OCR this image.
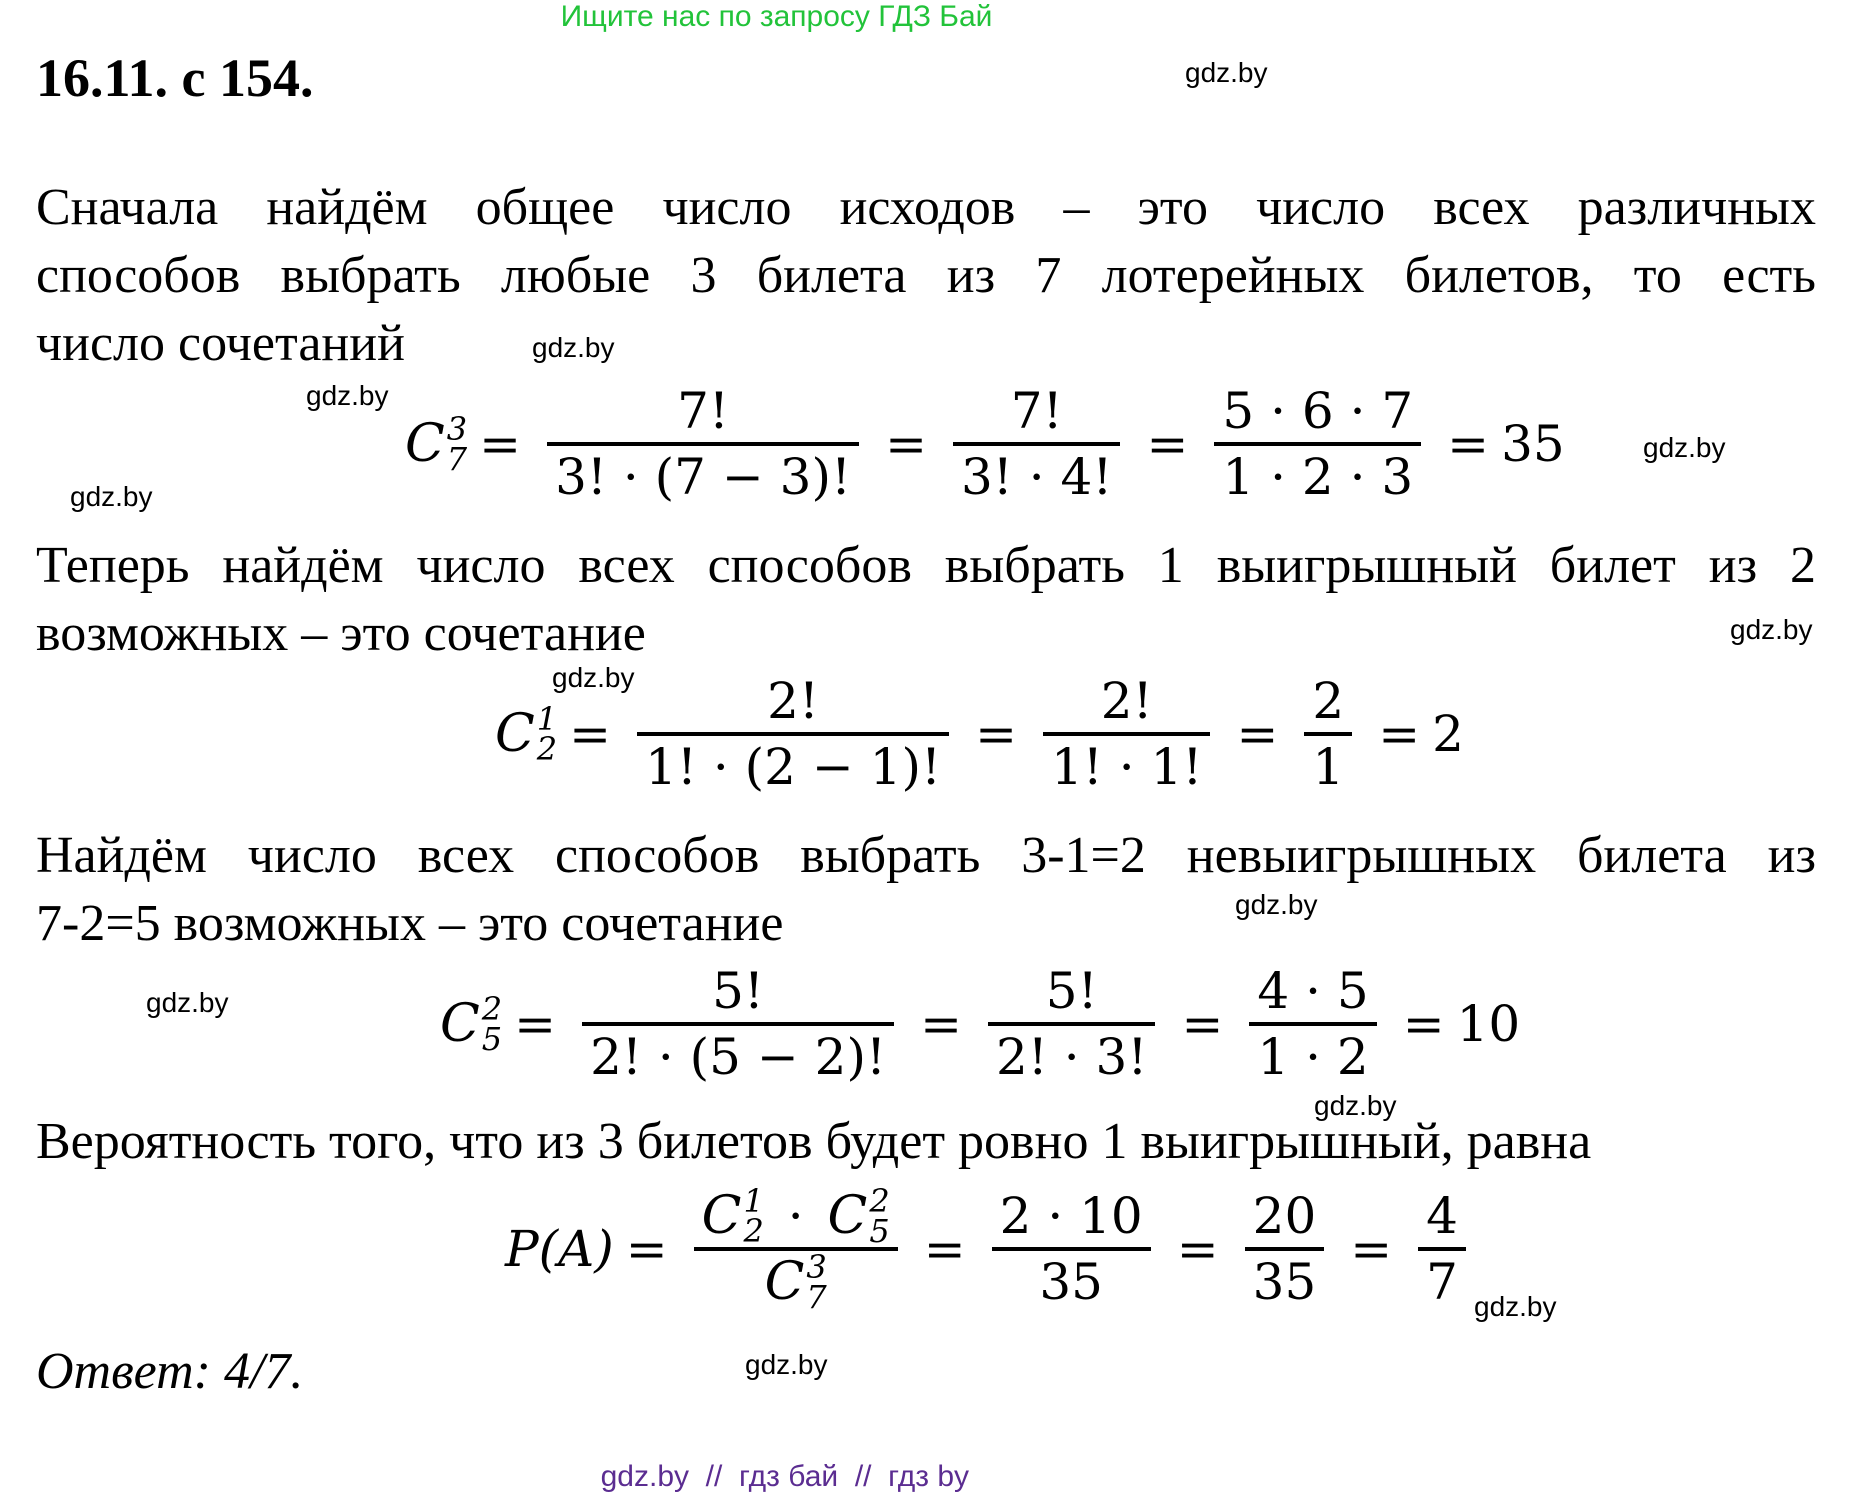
Ищите нас по запросу ГДЗ Бай
16.11. с 154.	gdz.by
gdz.by
gdz.by
gdz.by
gdz.by
gdz.by
gdz.by
gdz.by
gdz.by
gdz.by
gdz.by
gdz.by
Сначала найдём общее число исходов – это число всех различных
способов выбрать любые 3 билета из 7 лотерейных билетов, то есть
число сочетаний
C 3
$7 = \frac{7!}{3! \cdot (7 - 3)!} = \frac{7!}{3! \cdot 4!} = \frac{5 \cdot 6 \cdot 7}{1 \cdot 2 \cdot 3} = 35$
Теперь найдём число всех способов выбрать 1 выигрышный билет из 2
возможных – это сочетание
C 1
$2 = \frac{2!}{1! \cdot (2 - 1)!} = \frac{2!}{1! \cdot 1!} = \frac{2}{1} = 2$
Найдём число всех способов выбрать 3-1=2 невыигрышных билета из
7-2=5 возможных – это сочетание
C 2
$5 = \frac{5!}{2! \cdot (5 - 2)!} = \frac{5!}{2! \cdot 3!} = \frac{4 \cdot 5}{1 \cdot 2} = 10$
Вероятность того, что из 3 билетов будет ровно 1 выигрышный, равна
P(A) = C 1
2 · C 2
5
C 3
$7 = \frac{2 \cdot 10}{35} = \frac{20}{35} = \frac{4}{7}$
Ответ: 4/7.

gdz.by  //  гдз бай  //  гдз by
